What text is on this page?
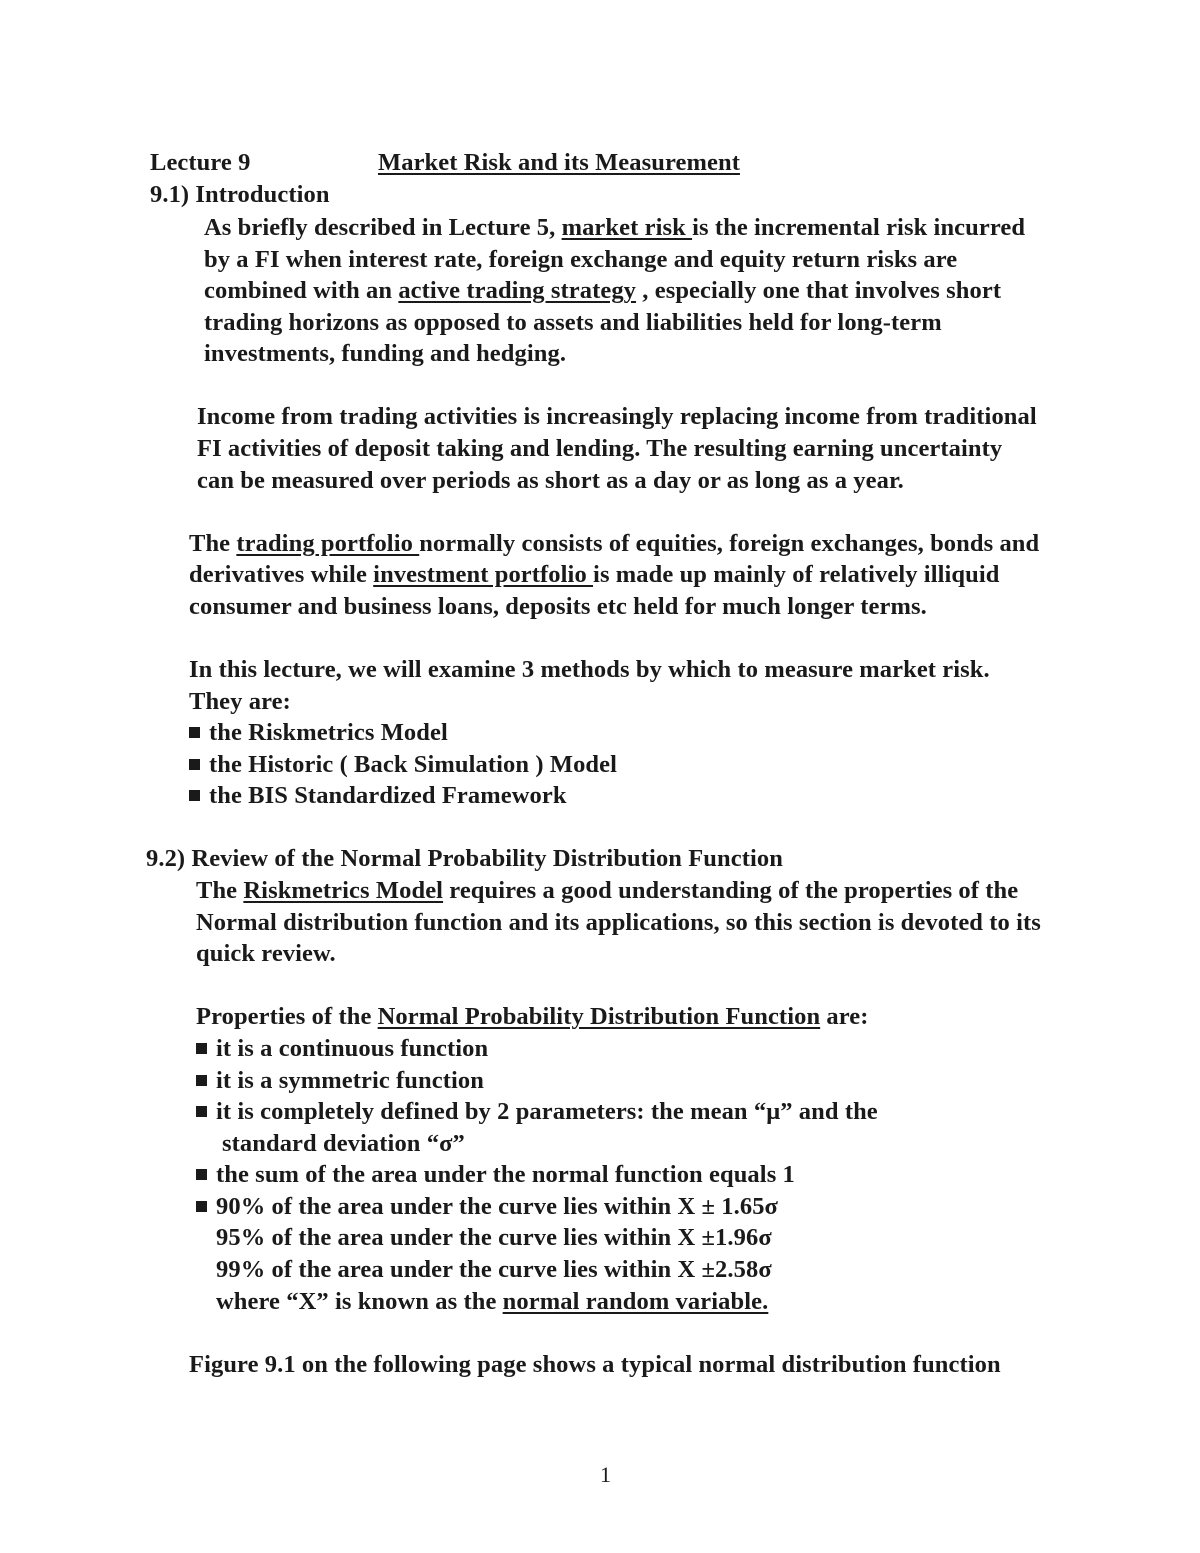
Lecture 9	Market Risk and its Measurement
9.1) Introduction
As briefly described in Lecture 5, market risk is the incremental risk incurred
by a FI when interest rate, foreign exchange and equity return risks are
combined with an active trading strategy , especially one that involves short
trading horizons as opposed to assets and liabilities held for long-term
investments, funding and hedging.
Income from trading activities is increasingly replacing income from traditional
FI activities of deposit taking and lending. The resulting earning uncertainty
can be measured over periods as short as a day or as long as a year.
The trading portfolio normally consists of equities, foreign exchanges, bonds and
derivatives while investment portfolio is made up mainly of relatively illiquid
consumer and business loans, deposits etc held for much longer terms.
In this lecture, we will examine 3 methods by which to measure market risk.
They are:
the Riskmetrics Model
the Historic ( Back Simulation ) Model
the BIS Standardized Framework
9.2) Review of the Normal Probability Distribution Function
The Riskmetrics Model requires a good understanding of the properties of the
Normal distribution function and its applications, so this section is devoted to its
quick review.
Properties of the Normal Probability Distribution Function are:
it is a continuous function
it is a symmetric function
it is completely defined by 2 parameters: the mean “μ” and the
standard deviation “σ”
the sum of the area under the normal function equals 1
90% of the area under the curve lies within X ± 1.65σ
95% of the area under the curve lies within X ±1.96σ
99% of the area under the curve lies within X ±2.58σ
where “X” is known as the normal random variable.
Figure 9.1 on the following page shows a typical normal distribution function
1
